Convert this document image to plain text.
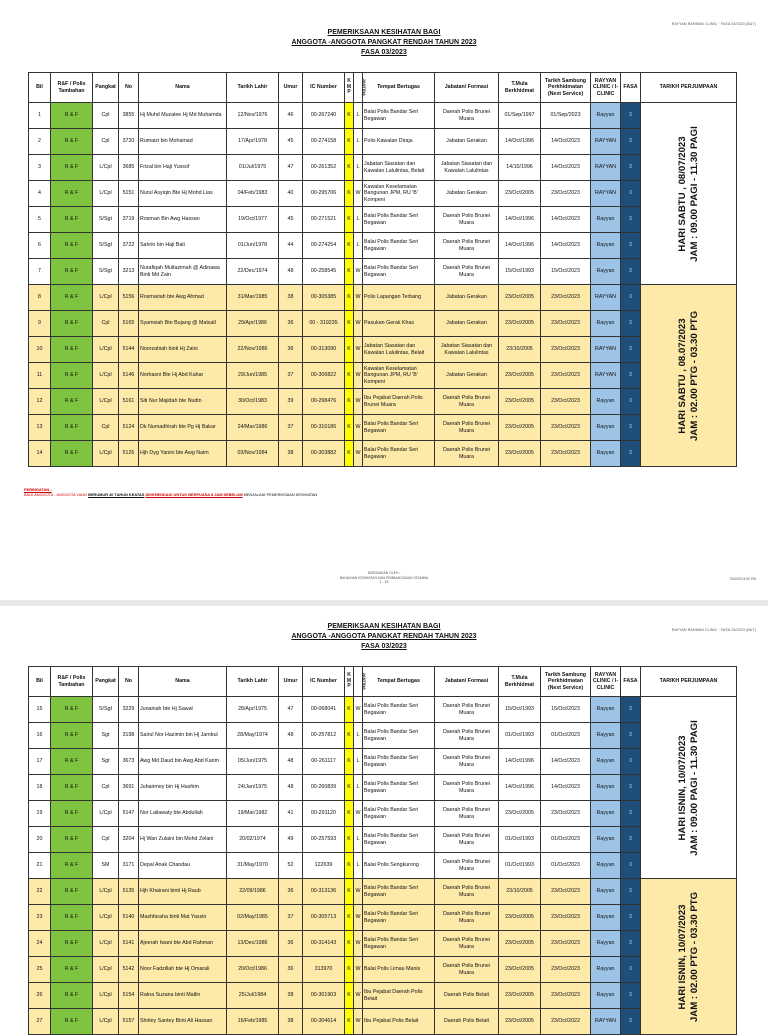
RAYYAN RAHMAN CLINIC · FASA 03/2023 (B&T)
PEMERIKSAAN KESIHATAN BAGI
ANGGOTA -ANGGOTA PANGKAT RENDAH TAHUN 2023
FASA 03/2023
Bil	R&F / Polis Tambahan	Pangkat	No	Nama	Tarikh Lahir	Umur	IC Number	K M P	JANTINA	Tempat Bertugas	Jabatan/ Formasi	T.Mula Berkhidmat	Tarikh Sambung Perkhidmatan (Next Service)	RAYYAN CLINIC / I-CLINIC	FASA	TARIKH PERJUMPAAN
1	R & F	Cpl	3855	Hj Muhd Muzalee Hj Md Muhamda	12/Nov/1976	46	00-267240	K	L	Balai Polis Bandar Seri Begawan	Daerah Polis Brunei Muara	01/Sep/1997	01/Sep/2023	Rayyan	3	HARI SABTU , 08/07/2023 JAM : 09.00 PAGI - 11.30 PAGI

2	R & F	Cpl	3720	Rumaizi bin Mohamad	17/Apr/1978	45	00-274158	K	L	Polis Kawalan Diraja	Jabatan Gerakan	14/Oct/1996	14/Oct/2023	RAYYAN	3	
3	R & F	L/Cpl	3685	Frizal bin Haji Yussof	01/Jul/1975	47	00-261352	K	L	Jabatan Siasatan dan Kawalan Lalulintas, Belait	Jabatan Siasatan dan Kawalan Lalulintas	14/10/1996	14/Oct/2023	RAYYAN	3	
4	R & F	L/Cpl	5151	Nurul Asyiqin Bte Hj Mohd Lias	04/Feb/1983	40	00-295706	K	W	Kawalan Keselamatan Bangunan JPM, RU 'B' Kompeni	Jabatan Gerakan	23/Oct/2005	23/Oct/2023	RAYYAN	3	
5	R & F	S/Sgt	3719	Rosman Bin Awg Hassan	19/Oct/1977	45	00-271521	K	L	Balai Polis Bandar Seri Begawan	Daerah Polis Brunei Muara	14/Oct/1996	14/Oct/2023	Rayyan	3	
6	R & F	S/Sgt	3722	Sahrin bin Haji Bali	01/Jun/1978	44	00-274254	K	L	Balai Polis Bandar Seri Begawan	Daerah Polis Brunei Muara	14/Oct/1996	14/Oct/2023	Rayyan	3	
7	R & F	S/Sgt	3213	Nurafiqah Multazimah @ Adinawa Binti Md Zain	22/Dec/1974	48	00-258545	K	W	Balai Polis Bandar Seri Begawan	Daerah Polis Brunei Muara	15/Oct/1993	15/Oct/2023	Rayyan	3	
8	R & F	L/Cpl	5156	Rosmariah bte Awg Ahmad	31/Mar/1985	38	00-305385	K	W	Polis Lapangan Terbang	Jabatan Gerakan	23/Oct/2005	23/Oct/2023	RAYYAN	3	HARI SABTU , 08.07/2023 JAM : 02.00 PTG - 03.30 PTG

9	R & F	Cpl	5165	Syamsiah Bte Bujang @ Matsall	29/Apr/1986	36	00 - 319235	K	W	Pasukan Gerak Khas	Jabatan Gerakan	23/Oct/2005	23/Oct/2023	Rayyan	3	
10	R & F	L/Cpl	5144	Noorzahiah binti Hj Zaini	22/Nov/1986	36	00-313090	K	W	Jabatan Siasatan dan Kawalan Lalulintas, Belait	Jabatan Siasatan dan Kawalan Lalulintas	23/10/2005	23/Oct/2023	RAYYAN	3	
11	R & F	L/Cpl	5146	Norhasni Bte Hj Abd Kahar	29/Jun/1985	37	00-306822	K	W	Kawalan Keselamatan Bangunan JPM, RU 'B' Kompeni	Jabatan Gerakan	23/Oct/2005	23/Oct/2023	RAYYAN	3	
12	R & F	L/Cpl	5161	Siti Nur Majidah bte Nudin	30/Oct/1983	39	00-298476	K	W	Ibu Pejabat Daerah Polis Brunei Muara	Daerah Polis Brunei Muara	23/Oct/2005	23/Oct/2023	Rayyan	3	
13	R & F	Cpl	5124	Dk Nurnadhirah bte Pg Hj Bakar	24/Mar/1986	37	00-310186	K	W	Balai Polis Bandar Seri Begawan	Daerah Polis Brunei Muara	23/Oct/2005	23/Oct/2023	Rayyan	3	
14	R & F	L/Cpl	5126	Hjh Dyg Yanini bte Awg Naim	03/Nov/1984	38	00-303882	K	W	Balai Polis Bandar Seri Begawan	Daerah Polis Brunei Muara	23/Oct/2005	23/Oct/2023	Rayyan	3	
PERINGATAN :
BAGI ANGGOTA - ANGGOTA YANG BERUMUR 40 TAHUN KEATAS DIKEHENDAKI UNTUK BERPUASA 8 JAM SEBELUM MENJALANI PEMERIKSAAN KESIHATAN
DISEDIAKAN OLEH :
BAHAGIAN KESIHATAN DAN PEMBANGUNAN STAMINA
1 - 16
7/5/2023 8:40 PM
RAYYAN RAHMAN CLINIC · FASA 03/2023 (B&T)
PEMERIKSAAN KESIHATAN BAGI
ANGGOTA -ANGGOTA PANGKAT RENDAH TAHUN 2023
FASA 03/2023
Bil	R&F / Polis Tambahan	Pangkat	No	Nama	Tarikh Lahir	Umur	IC Number	K M P	JANTINA	Tempat Bertugas	Jabatan/ Formasi	T.Mula Berkhidmat	Tarikh Sambung Perkhidmatan (Next Service)	RAYYAN CLINIC / I-CLINIC	FASA	TARIKH PERJUMPAAN
15	R & F	S/Sgt	3229	Junainah bte Hj Sawal	28/Apr/1975	47	00-068041	K	W	Balai Polis Bandar Seri Begawan	Daerah Polis Brunei Muara	15/Oct/1993	15/Oct/2023	Rayyan	3	HARI ISNIN, 10/07/2023 JAM : 09.00 PAGI - 11.30 PAGI

16	R & F	Sgt	3198	Sairul Nor Hazimin bin Hj Jambul	28/May/1974	48	00-257812	K	L	Balai Polis Bandar Seri Begawan	Daerah Polis Brunei Muara	01/Oct/1993	01/Oct/2023	Rayyan	3	
17	R & F	Sgt	3673	Awg Md Daud bin Awg Abd Karim	05/Jun/1975	48	00-261117	K	L	Balai Polis Bandar Seri Begawan	Daerah Polis Brunei Muara	14/Oct/1996	14/Oct/2023	Rayyan	3	
18	R & F	Cpl	3691	Juhairmey bin Hj Hashim	24/Jan/1975	48	00-260839	K	L	Balai Polis Bandar Seri Begawan	Daerah Polis Brunei Muara	14/Oct/1996	14/Oct/2023	Rayyan	3	
19	R & F	L/Cpl	5147	Nor Lailawaty bte Abdullah	19/Mar/1982	41	00-291120	K	W	Balai Polis Bandar Seri Begawan	Daerah Polis Brunei Muara	23/Oct/2005	23/Oct/2023	Rayyan	3	
20	R & F	Cpl	3204	Hj Wan Zulaini bin Mohd Zelani	20/02/1974	49	00-257593	K	L	Balai Polis Bandar Seri Begawan	Daerah Polis Brunei Muara	01/Oct/1993	01/Oct/2023	Rayyan	3	
21	R & F	SM	3171	Depal Anak Chandau	31/May/1970	52	122639	K	L	Balai Polis Sengkurong	Daerah Polis Brunei Muara	01/Oct/1993	01/Oct/2023	Rayyan	3	
22	R & F	L/Cpl	5135	Hjh Khairani binti Hj Raub	22/09/1986	36	00-313136	K	W	Balai Polis Bandar Seri Begawan	Daerah Polis Brunei Muara	23/10/2005	23/Oct/2023	Rayyan	3	HARI ISNIN, 10/07/2023 JAM : 02.00 PTG - 03.30 PTG

23	R & F	L/Cpl	5140	Mashfaraha binti Mat Yassin	02/May/1985	37	00-305713	K	W	Balai Polis Bandar Seri Begawan	Daerah Polis Brunei Muara	23/Oct/2005	23/Oct/2023	Rayyan	3	
24	R & F	L/Cpl	5141	Ajeerah Iwani bte Abd Rahman	13/Dec/1986	36	00-314143	K	W	Balai Polis Bandar Seri Begawan	Daerah Polis Brunei Muara	23/Oct/2005	23/Oct/2023	Rayyan	3	
25	R & F	L/Cpl	5142	Noor Fadzillah bte Hj Omarali	20/Oct/1986	36	313970	K	W	Balai Polis Limau Manis	Daerah Polis Brunei Muara	23/Oct/2005	23/Oct/2023	Rayyan	3	
26	R & F	L/Cpl	5154	Ratna Suzana binti Matlin	25/Jul/1984	38	00-301903	K	W	Ibu Pejabat Daerah Polis Belait	Daerah Polis Belait	23/Oct/2005	23/Oct/2023	Rayyan	3	
27	R & F	L/Cpl	5157	Shirley Santey Binti Ali Hassan	16/Feb/1985	38	00-304614	K	W	Ibu Pejabat Polis Belait	Daerah Polis Belait	23/Oct/2005	23/Oct/2022	RAYYAN	3	
